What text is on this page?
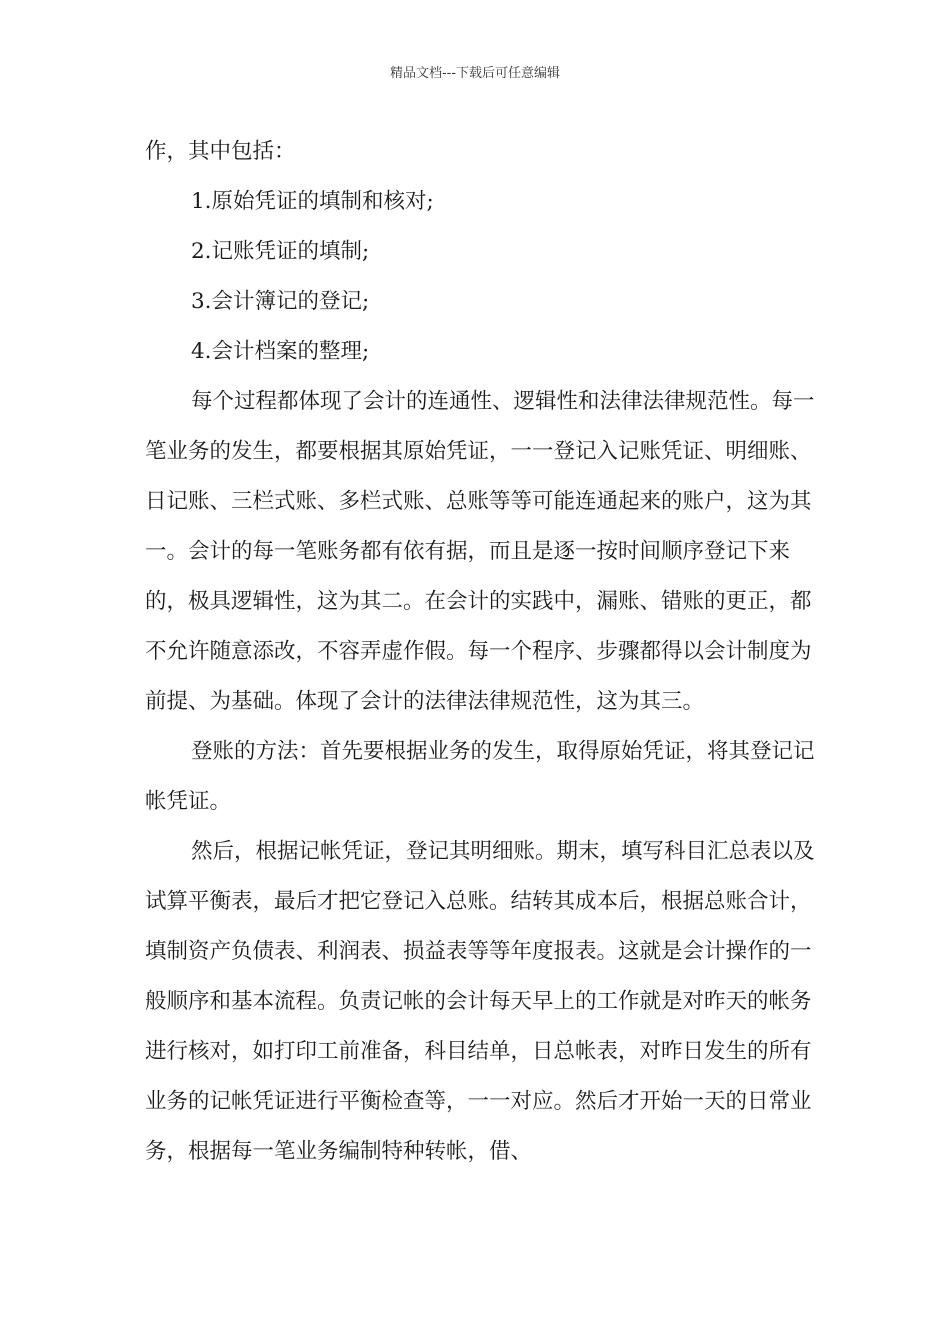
精品文档---下载后可任意编辑

作，其中包括：

1.原始凭证的填制和核对;

2.记账凭证的填制;

3.会计簿记的登记;

4.会计档案的整理;

每个过程都体现了会计的连通性、逻辑性和法律法律规范性。每一笔业务的发生，都要根据其原始凭证，一一登记入记账凭证、明细账、日记账、三栏式账、多栏式账、总账等等可能连通起来的账户，这为其一。会计的每一笔账务都有依有据，而且是逐一按时间顺序登记下来的，极具逻辑性，这为其二。在会计的实践中，漏账、错账的更正，都不允许随意添改，不容弄虚作假。每一个程序、步骤都得以会计制度为前提、为基础。体现了会计的法律法律规范性，这为其三。

登账的方法：首先要根据业务的发生，取得原始凭证，将其登记记帐凭证。

然后，根据记帐凭证，登记其明细账。期末，填写科目汇总表以及试算平衡表，最后才把它登记入总账。结转其成本后，根据总账合计，填制资产负债表、利润表、损益表等等年度报表。这就是会计操作的一般顺序和基本流程。负责记帐的会计每天早上的工作就是对昨天的帐务进行核对，如打印工前准备，科目结单，日总帐表，对昨日发生的所有业务的记帐凭证进行平衡检查等，一一对应。然后才开始一天的日常业务，根据每一笔业务编制特种转帐，借、
